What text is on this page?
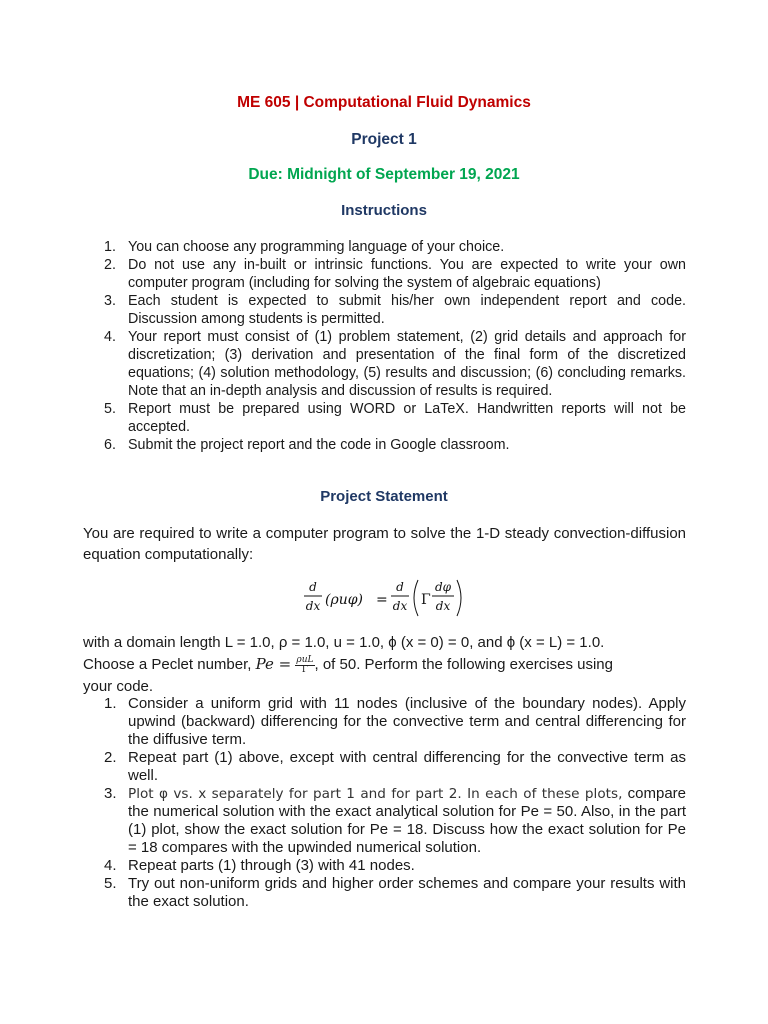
ME 605 | Computational Fluid Dynamics
Project 1
Due: Midnight of September 19, 2021
Instructions
1. You can choose any programming language of your choice.
2. Do not use any in-built or intrinsic functions. You are expected to write your own computer program (including for solving the system of algebraic equations)
3. Each student is expected to submit his/her own independent report and code. Discussion among students is permitted.
4. Your report must consist of (1) problem statement, (2) grid details and approach for discretization; (3) derivation and presentation of the final form of the discretized equations; (4) solution methodology, (5) results and discussion; (6) concluding remarks. Note that an in-depth analysis and discussion of results is required.
5. Report must be prepared using WORD or LaTeX. Handwritten reports will not be accepted.
6. Submit the project report and the code in Google classroom.
Project Statement
You are required to write a computer program to solve the 1-D steady convection-diffusion equation computationally:
d
dx (ρuφ) =
d
dx Γ
dφ
dx
with a domain length L = 1.0, ρ = 1.0, u = 1.0, ϕ (x = 0) = 0, and ϕ (x = L) = 1.0.
Choose a Peclet number, $Pe = \frac{\text{ρuL}}{\Gamma}$ , of 50. Perform the following exercises using
your code.
1. Consider a uniform grid with 11 nodes (inclusive of the boundary nodes). Apply upwind (backward) differencing for the convective term and central differencing for the diffusive term.
2. Repeat part (1) above, except with central differencing for the convective term as well.
3. Plot φ vs. x separately for part 1 and for part 2. In each of these plots, compare the numerical solution with the exact analytical solution for Pe = 50. Also, in the part (1) plot, show the exact solution for Pe = 18. Discuss how the exact solution for Pe = 18 compares with the upwinded numerical solution.
4. Repeat parts (1) through (3) with 41 nodes.
5. Try out non-uniform grids and higher order schemes and compare your results with the exact solution.
